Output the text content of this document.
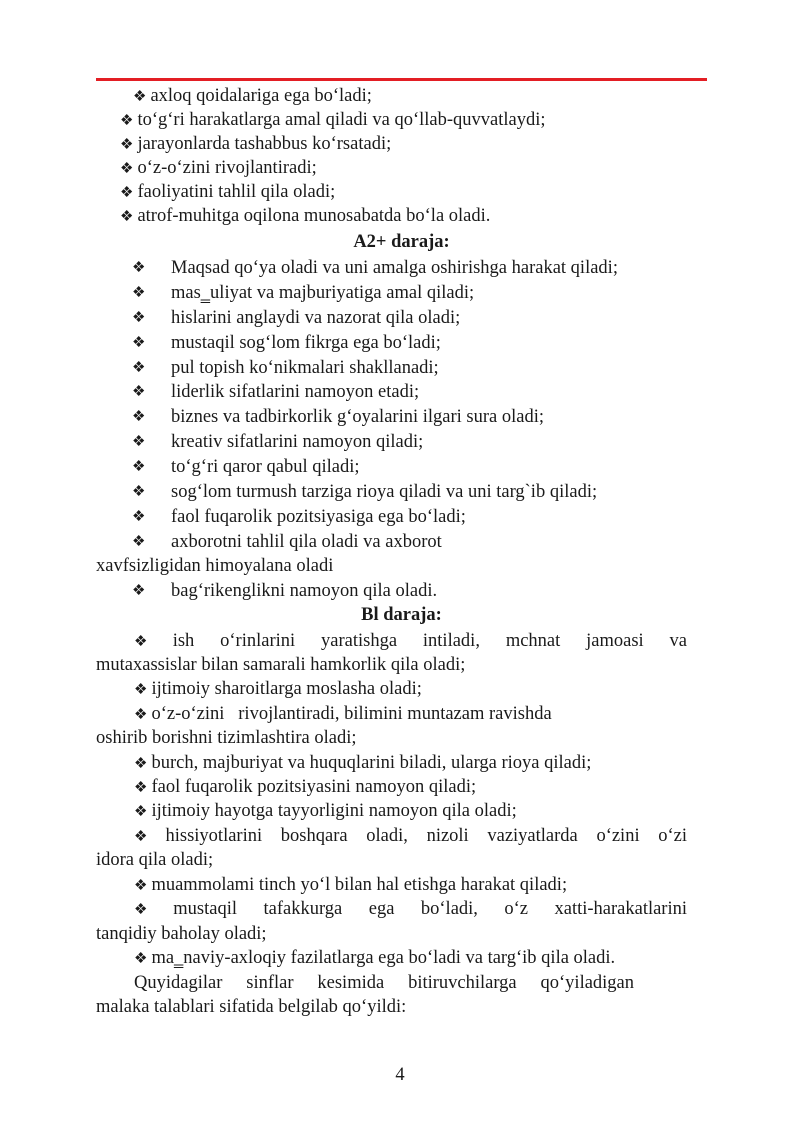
❖ axloq qoidalariga ega bo‘ladi;
❖ to‘g‘ri harakatlarga amal qiladi va qo‘llab-quvvatlaydi;
❖ jarayonlarda tashabbus ko‘rsatadi;
❖ o‘z-o‘zini rivojlantiradi;
❖ faoliyatini tahlil qila oladi;
❖ atrof-muhitga oqilona munosabatda bo‘la oladi.
A2+ daraja:
❖ Maqsad qo‘ya oladi va uni amalga oshirishga harakat qiladi;
❖ mas‗uliyat va majburiyatiga amal qiladi;
❖ hislarini anglaydi va nazorat qila oladi;
❖ mustaqil sog‘lom fikrga ega bo‘ladi;
❖ pul topish ko‘nikmalari shakllanadi;
❖ liderlik sifatlarini namoyon etadi;
❖ biznes va tadbirkorlik g‘oyalarini ilgari sura oladi;
❖ kreativ sifatlarini namoyon qiladi;
❖ to‘g‘ri qaror qabul qiladi;
❖ sog‘lom turmush tarziga rioya qiladi va uni targ`ib qiladi;
❖ faol fuqarolik pozitsiyasiga ega bo‘ladi;
❖ axborotni tahlil qila oladi va axborot
xavfsizligidan himoyalana oladi
❖ bag‘rikenglikni namoyon qila oladi.
Bl daraja:
❖ ish o‘rinlarini yaratishga intiladi, mchnat jamoasi va
mutaxassislar bilan samarali hamkorlik qila oladi;
❖ ijtimoiy sharoitlarga moslasha oladi;
❖ o‘z-o‘zini   rivojlantiradi, bilimini muntazam ravishda
oshirib borishni tizimlashtira oladi;
❖ burch, majburiyat va huquqlarini biladi, ularga rioya qiladi;
❖ faol fuqarolik pozitsiyasini namoyon qiladi;
❖ ijtimoiy hayotga tayyorligini namoyon qila oladi;
❖ hissiyotlarini boshqara oladi, nizoli vaziyatlarda o‘zini o‘zi
idora qila oladi;
❖ muammolami tinch yo‘l bilan hal etishga harakat qiladi;
❖ mustaqil tafakkurga ega bo‘ladi, o‘z xatti-harakatlarini
tanqidiy baholay oladi;
❖ ma‗naviy-axloqiy fazilatlarga ega bo‘ladi va targ‘ib qila oladi.
Quyidagilar sinflar kesimida bitiruvchilarga qo‘yiladigan
malaka talablari sifatida belgilab qo‘yildi:
4
